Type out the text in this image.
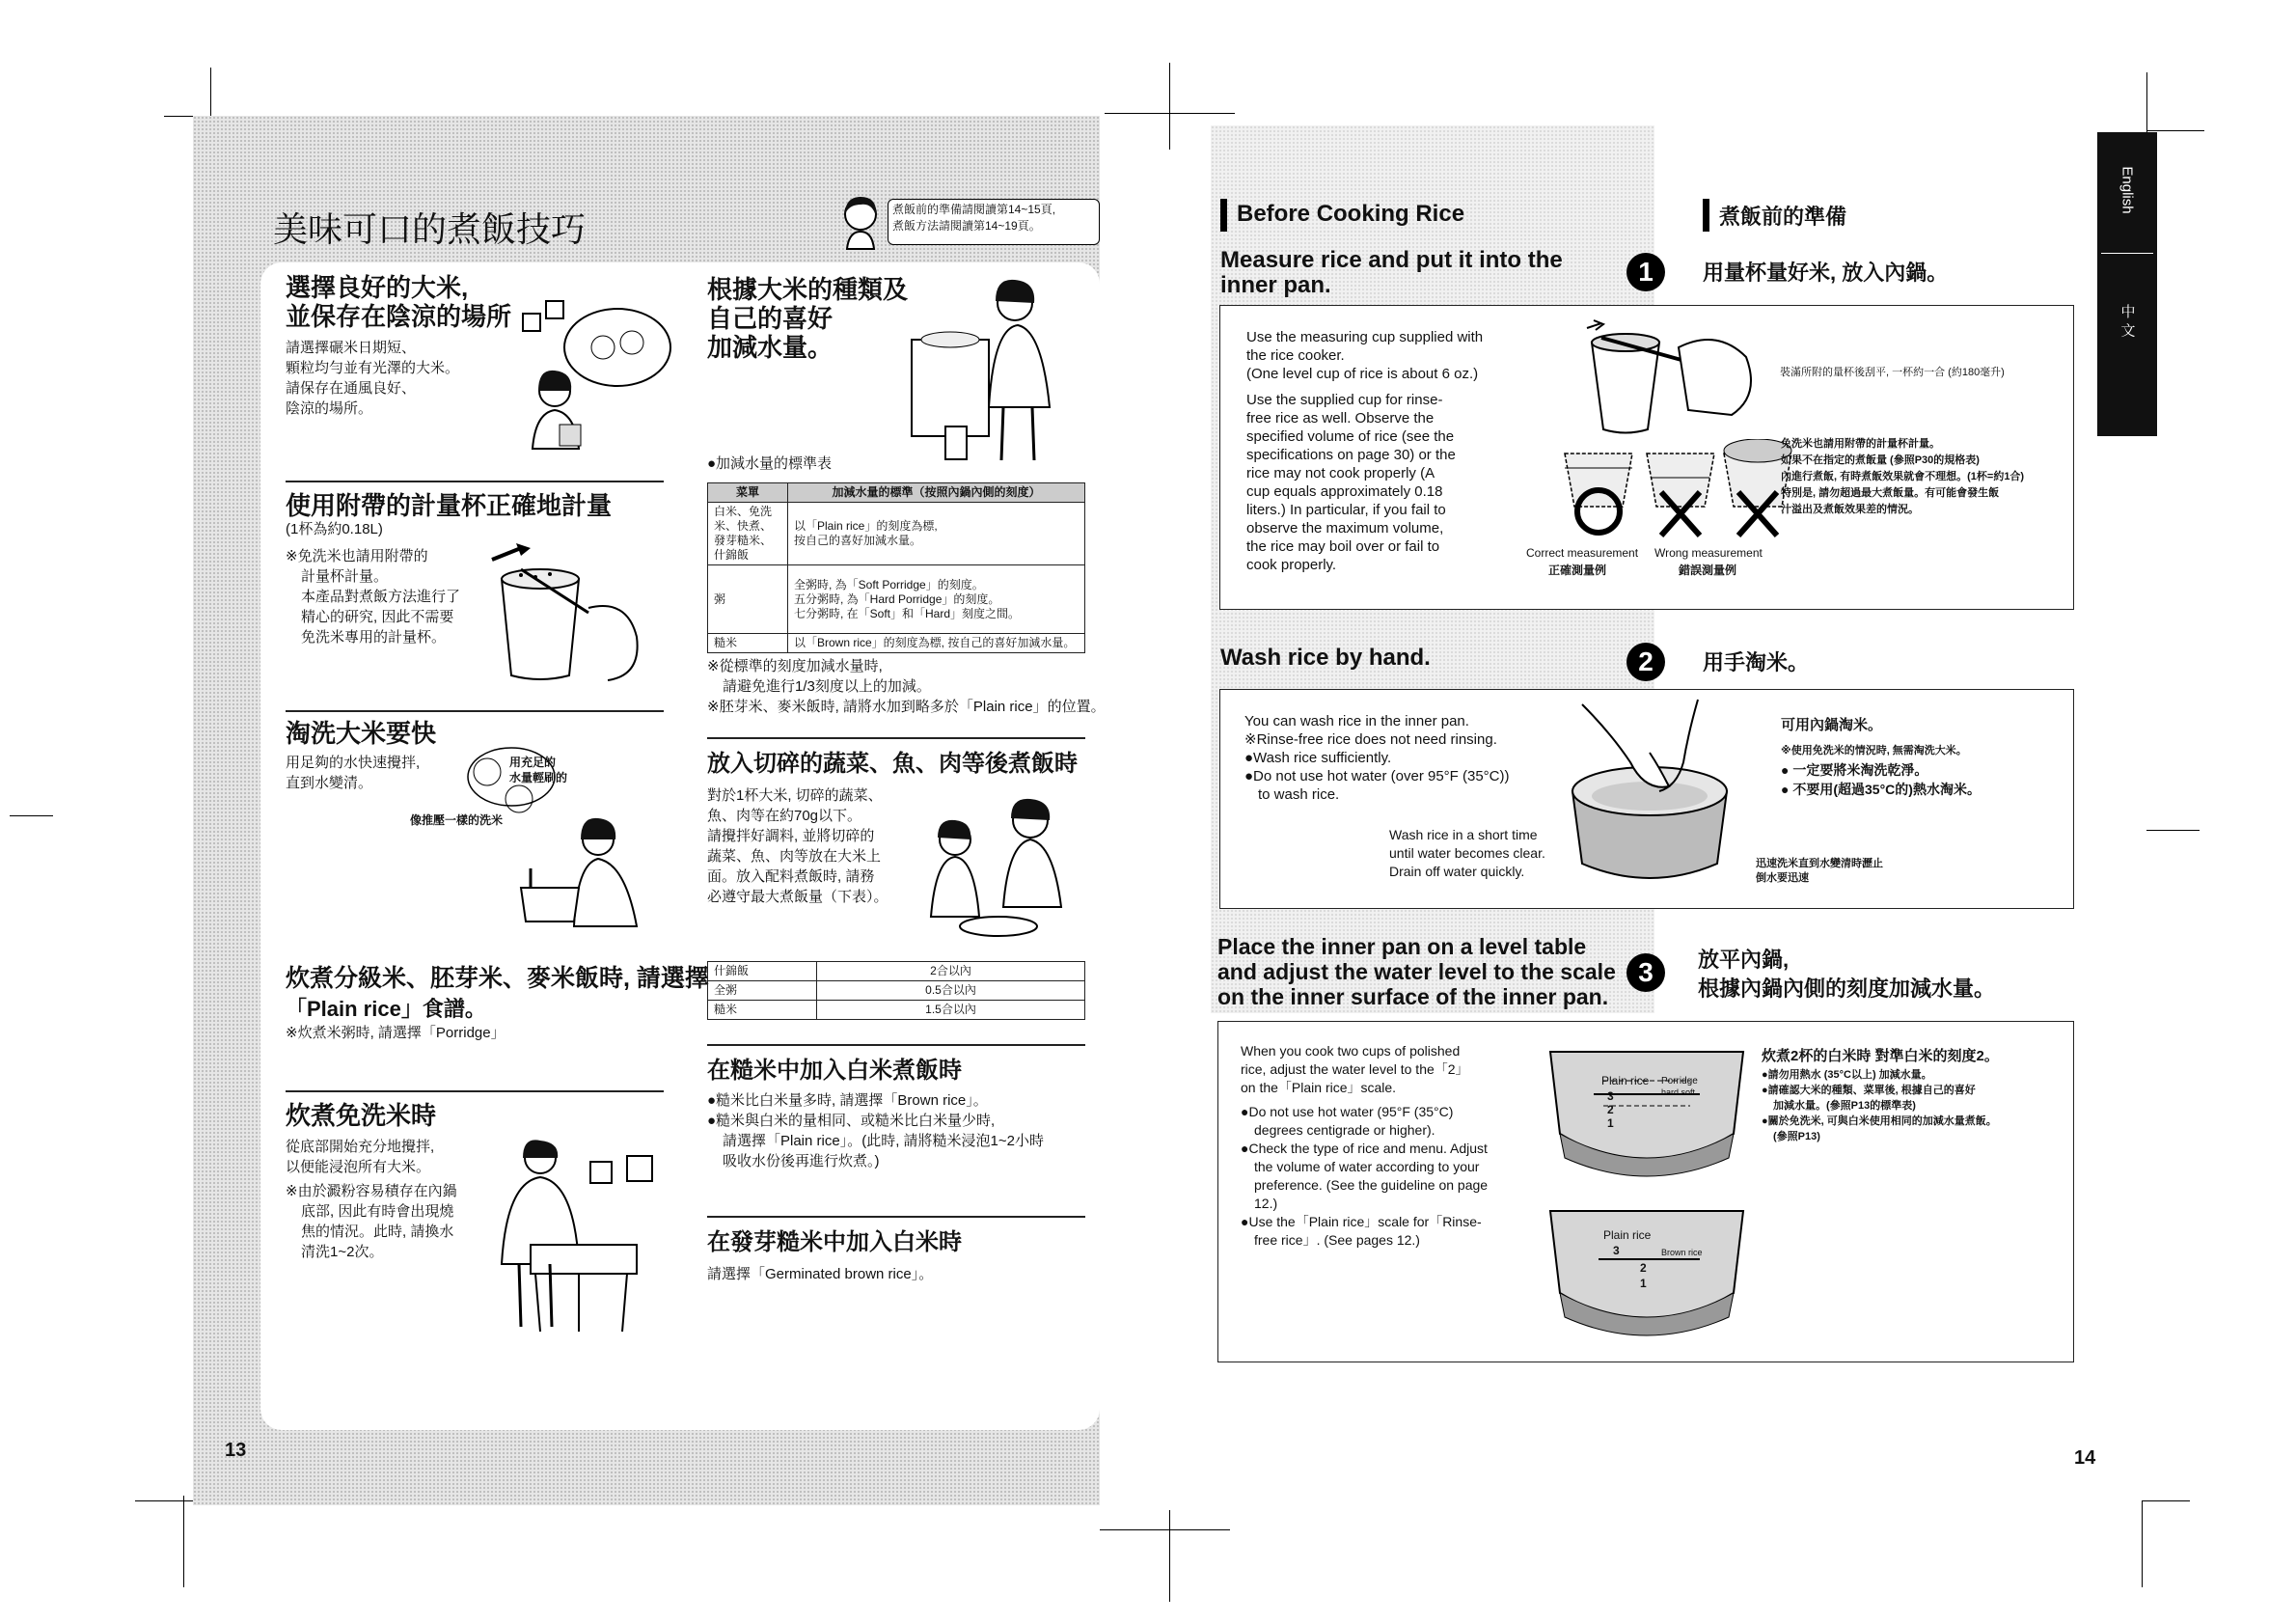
美味可口的煮飯技巧	煮飯前的準備請閱讀第14~15頁,
煮飯方法請閱讀第14~19頁。
選擇良好的大米,
並保存在陰涼的場所
請選擇碾米日期短、
顆粒均勻並有光澤的大米。
請保存在通風良好、
陰涼的場所。
使用附帶的計量杯正確地計量
(1杯為約0.18L)
※免洗米也請用附帶的
計量杯計量。
本產品對煮飯方法進行了
精心的研究, 因此不需要
免洗米專用的計量杯。
淘洗大米要快
用足夠的水快速攪拌,
直到水變清。
用充足的
水量輕刷的
像推壓一樣的洗米
炊煮分級米、胚芽米、麥米飯時, 請選擇
「Plain rice」食譜。
※炊煮米粥時, 請選擇「Porridge」
炊煮免洗米時
從底部開始充分地攪拌,
以便能浸泡所有大米。
※由於澱粉容易積存在內鍋
底部, 因此有時會出現燒
焦的情況。此時, 請換水
清洗1~2次。
根據大米的種類及
自己的喜好
加減水量。
●加減水量的標準表
菜單	加減水量的標準（按照內鍋內側的刻度）
白米、免洗米、快煮、發芽糙米、什錦飯	以「Plain rice」的刻度為標,
按自己的喜好加減水量。

粥	全粥時, 為「Soft Porridge」的刻度。
五分粥時, 為「Hard Porridge」的刻度。
七分粥時, 在「Soft」和「Hard」刻度之間。

糙米	以「Brown rice」的刻度為標, 按自己的喜好加減水量。
※從標準的刻度加減水量時,
請避免進行1/3刻度以上的加減。
※胚芽米、麥米飯時, 請將水加到略多於「Plain rice」的位置。
放入切碎的蔬菜、魚、肉等後煮飯時
對於1杯大米, 切碎的蔬菜、
魚、肉等在約70g以下。
請攪拌好調料, 並將切碎的
蔬菜、魚、肉等放在大米上
面。放入配料煮飯時, 請務
必遵守最大煮飯量（下表）。
什錦飯	2合以內
全粥	0.5合以內
糙米	1.5合以內
在糙米中加入白米煮飯時
●糙米比白米量多時, 請選擇「Brown rice」。
●糙米與白米的量相同、或糙米比白米量少時,
請選擇「Plain rice」。(此時, 請將糙米浸泡1~2小時
吸收水份後再進行炊煮。)
在發芽糙米中加入白米時
請選擇「Germinated brown rice」。
13
English
中 文
Before Cooking Rice	煮飯前的準備
Measure rice and put it into the
inner pan.	1	用量杯量好米, 放入內鍋。
Use the measuring cup supplied with
the rice cooker.
(One level cup of rice is about 6 oz.)
Use the supplied cup for rinse-
free rice as well. Observe the
specified volume of rice (see the
specifications on page 30) or the
rice may not cook properly (A
cup equals approximately 0.18
liters.) In particular, if you fail to
observe the maximum volume,
the rice may boil over or fail to
cook properly.
裝滿所附的量杯後刮平, 一杯約一合 (約180毫升)
Correct measurement
正確測量例
Wrong measurement
錯誤測量例
免洗米也請用附帶的計量杯計量。
如果不在指定的煮飯量 (參照P30的規格表)
內進行煮飯, 有時煮飯效果就會不理想。(1杯=約1合)
特別是, 請勿超過最大煮飯量。有可能會發生飯
汁溢出及煮飯效果差的情況。
Wash rice by hand.	2	用手淘米。
You can wash rice in the inner pan.
※Rinse-free rice does not need rinsing.
●Wash rice sufficiently.
●Do not use hot water (over 95°F (35°C))
to wash rice.
Wash rice in a short time
until water becomes clear.
Drain off water quickly.
可用內鍋淘米。
※使用免洗米的情況時, 無需淘洗大米。
● 一定要將米淘洗乾淨。
● 不要用(超過35°C的)熱水淘米。
迅速洗米直到水變清時瀝止
倒水要迅速
Place the inner pan on a level table
and adjust the water level to the scale
on the inner surface of the inner pan.
3	放平內鍋,
根據內鍋內側的刻度加減水量。
When you cook two cups of polished
rice, adjust the water level to the「2」
on the「Plain rice」scale.
●Do not use hot water (95°F (35°C)
degrees centigrade or higher).
●Check the type of rice and menu. Adjust
the volume of water according to your
preference. (See the guideline on page
12.)
●Use the「Plain rice」scale for「Rinse-
free rice」. (See pages 12.)
Plain rice Porridge
hard soft
3
2
1
Plain rice
Brown rice
3
2
1
炊煮2杯的白米時 對準白米的刻度2。
●請勿用熱水 (35°C以上) 加減水量。
●請確認大米的種類、菜單後, 根據自己的喜好
加減水量。(參照P13的標準表)
●關於免洗米, 可與白米使用相同的加減水量煮飯。
(參照P13)
14
